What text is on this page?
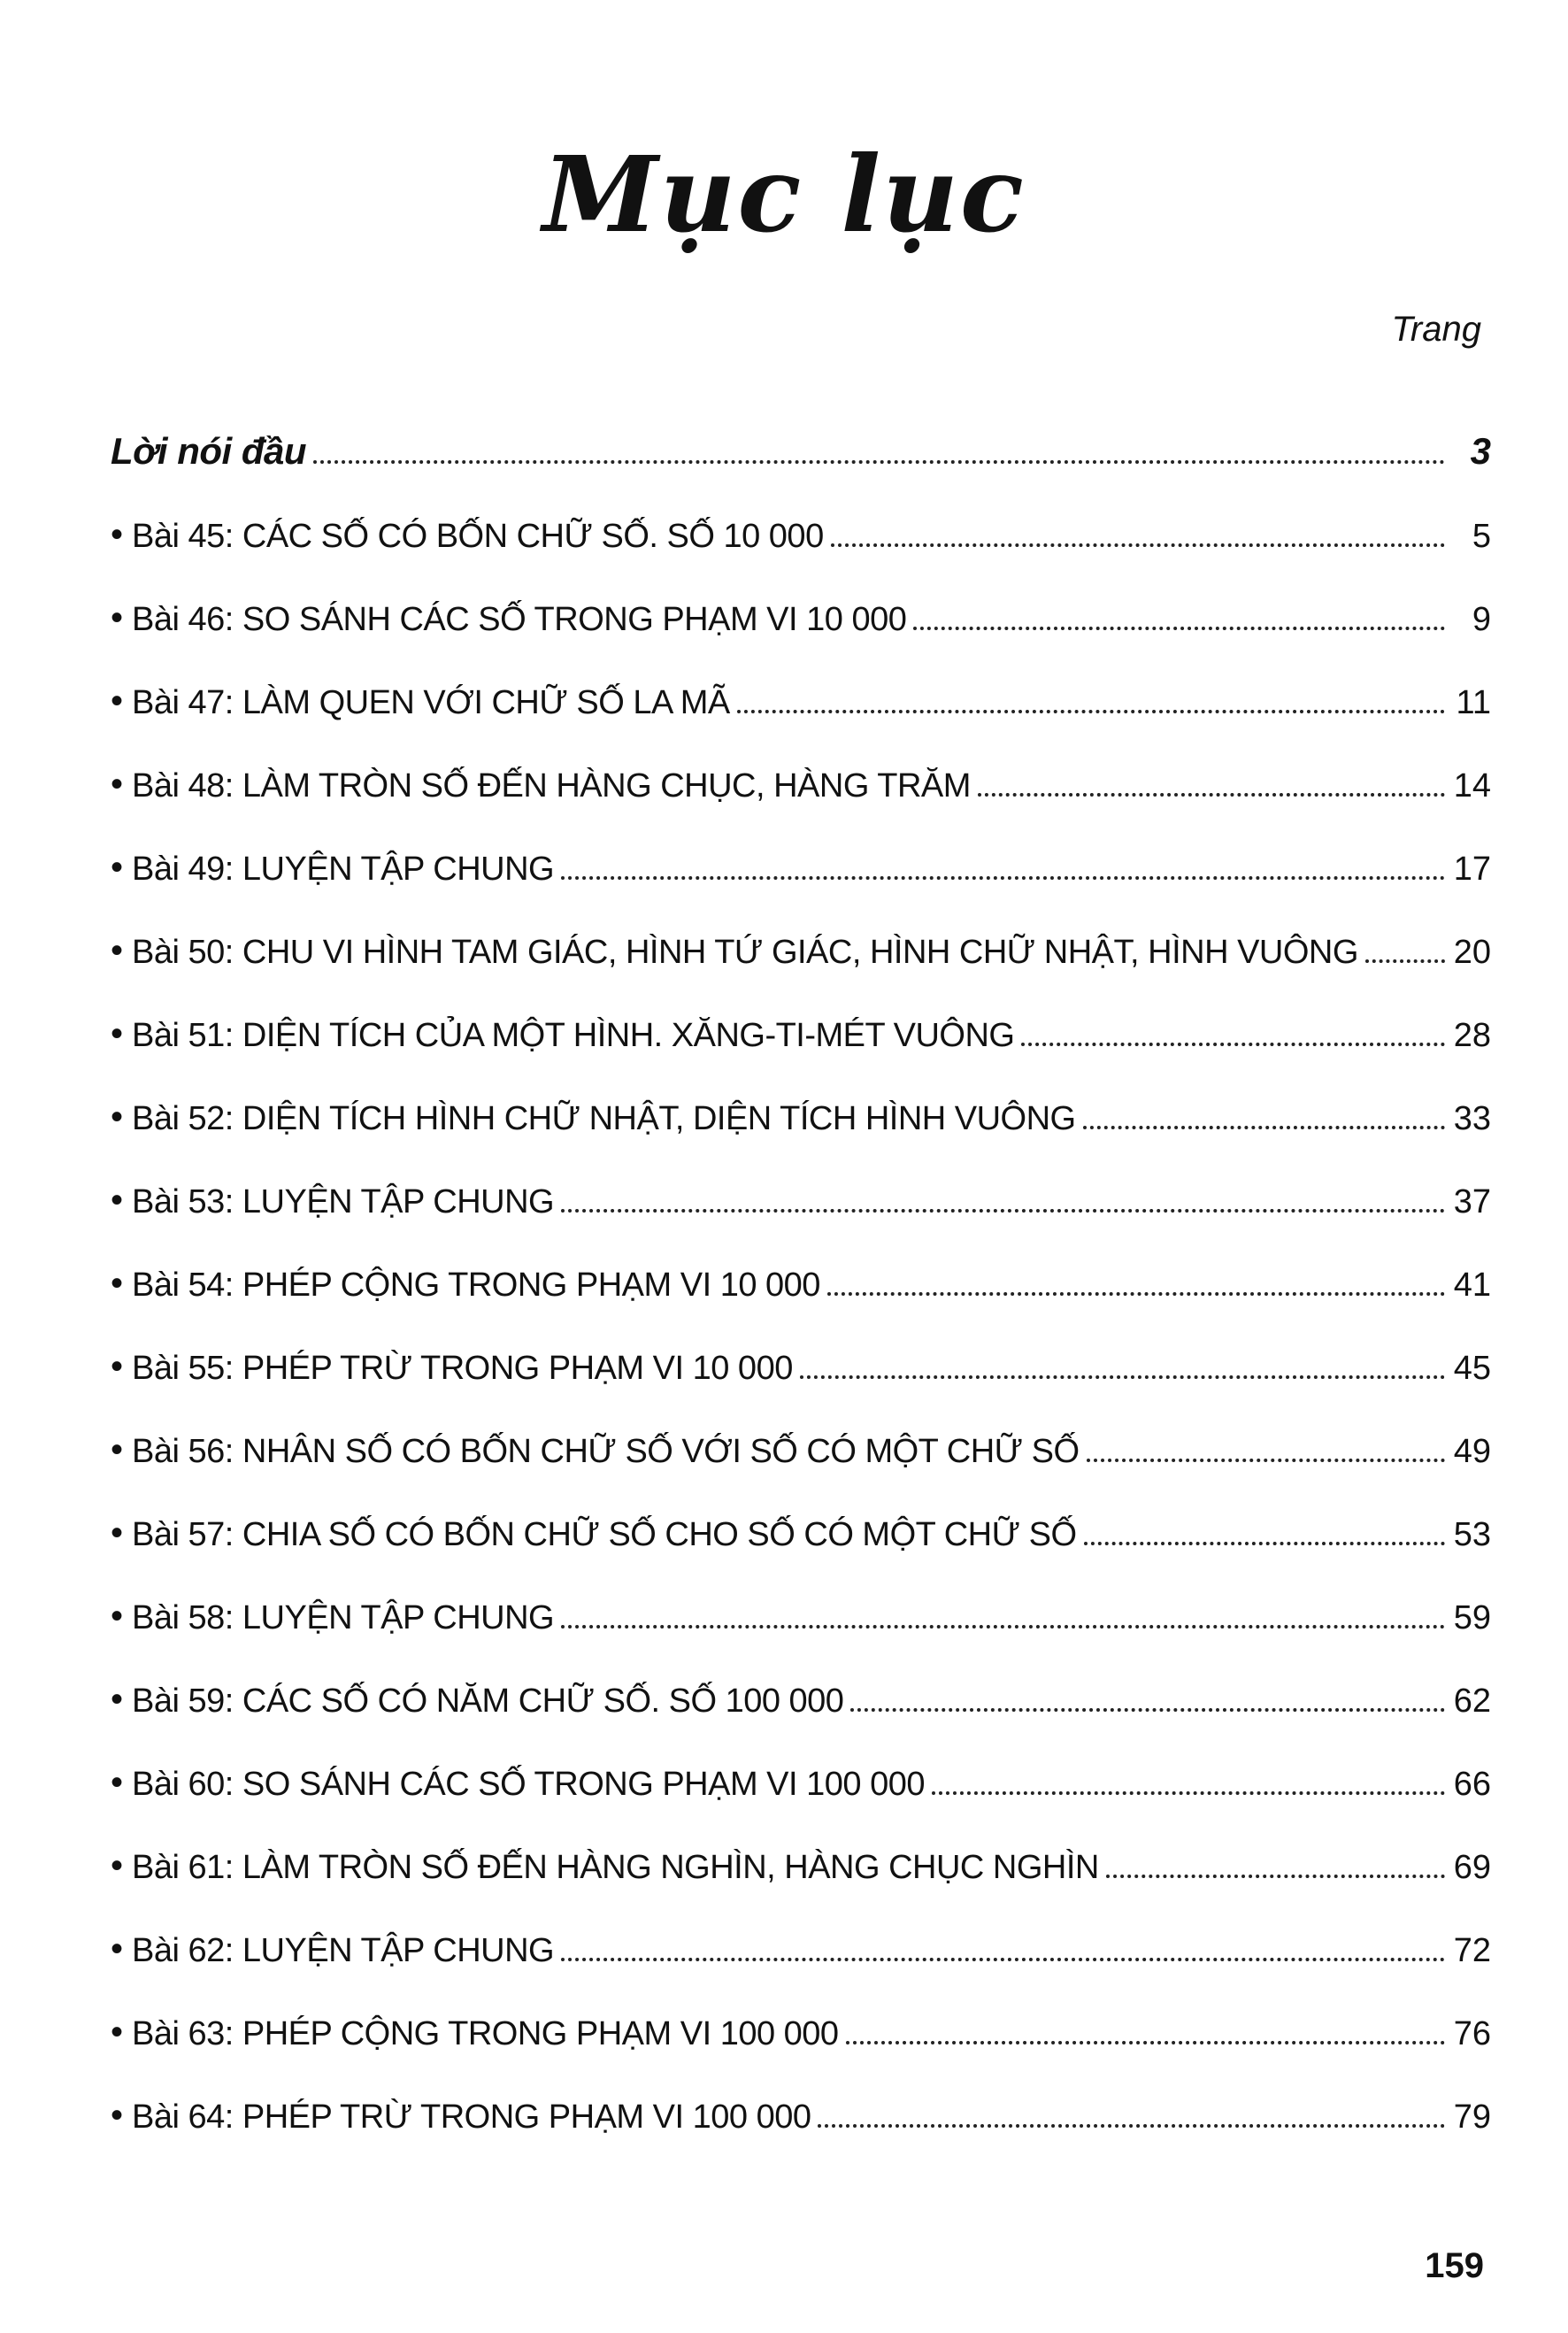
Mục lục
Trang
Lời nói đầu	3
• Bài 45: CÁC SỐ CÓ BỐN CHỮ SỐ. SỐ 10 000	5
• Bài 46: SO SÁNH CÁC SỐ TRONG PHẠM VI 10 000	9
• Bài 47: LÀM QUEN VỚI CHỮ SỐ LA MÃ	11
• Bài 48: LÀM TRÒN SỐ ĐẾN HÀNG CHỤC, HÀNG TRĂM	14
• Bài 49: LUYỆN TẬP CHUNG	17
• Bài 50: CHU VI HÌNH TAM GIÁC, HÌNH TỨ GIÁC, HÌNH CHỮ NHẬT, HÌNH VUÔNG	20
• Bài 51: DIỆN TÍCH CỦA MỘT HÌNH. XĂNG-TI-MÉT VUÔNG	28
• Bài 52: DIỆN TÍCH HÌNH CHỮ NHẬT, DIỆN TÍCH HÌNH VUÔNG	33
• Bài 53: LUYỆN TẬP CHUNG	37
• Bài 54: PHÉP CỘNG TRONG PHẠM VI 10 000	41
• Bài 55: PHÉP TRỪ TRONG PHẠM VI 10 000	45
• Bài 56: NHÂN SỐ CÓ BỐN CHỮ SỐ VỚI SỐ CÓ MỘT CHỮ SỐ	49
• Bài 57: CHIA SỐ CÓ BỐN CHỮ SỐ CHO SỐ CÓ MỘT CHỮ SỐ	53
• Bài 58: LUYỆN TẬP CHUNG	59
• Bài 59: CÁC SỐ CÓ NĂM CHỮ SỐ. SỐ 100 000	62
• Bài 60: SO SÁNH CÁC SỐ TRONG PHẠM VI 100 000	66
• Bài 61: LÀM TRÒN SỐ ĐẾN HÀNG NGHÌN, HÀNG CHỤC NGHÌN	69
• Bài 62: LUYỆN TẬP CHUNG	72
• Bài 63: PHÉP CỘNG TRONG PHẠM VI 100 000	76
• Bài 64: PHÉP TRỪ TRONG PHẠM VI 100 000	79
159
